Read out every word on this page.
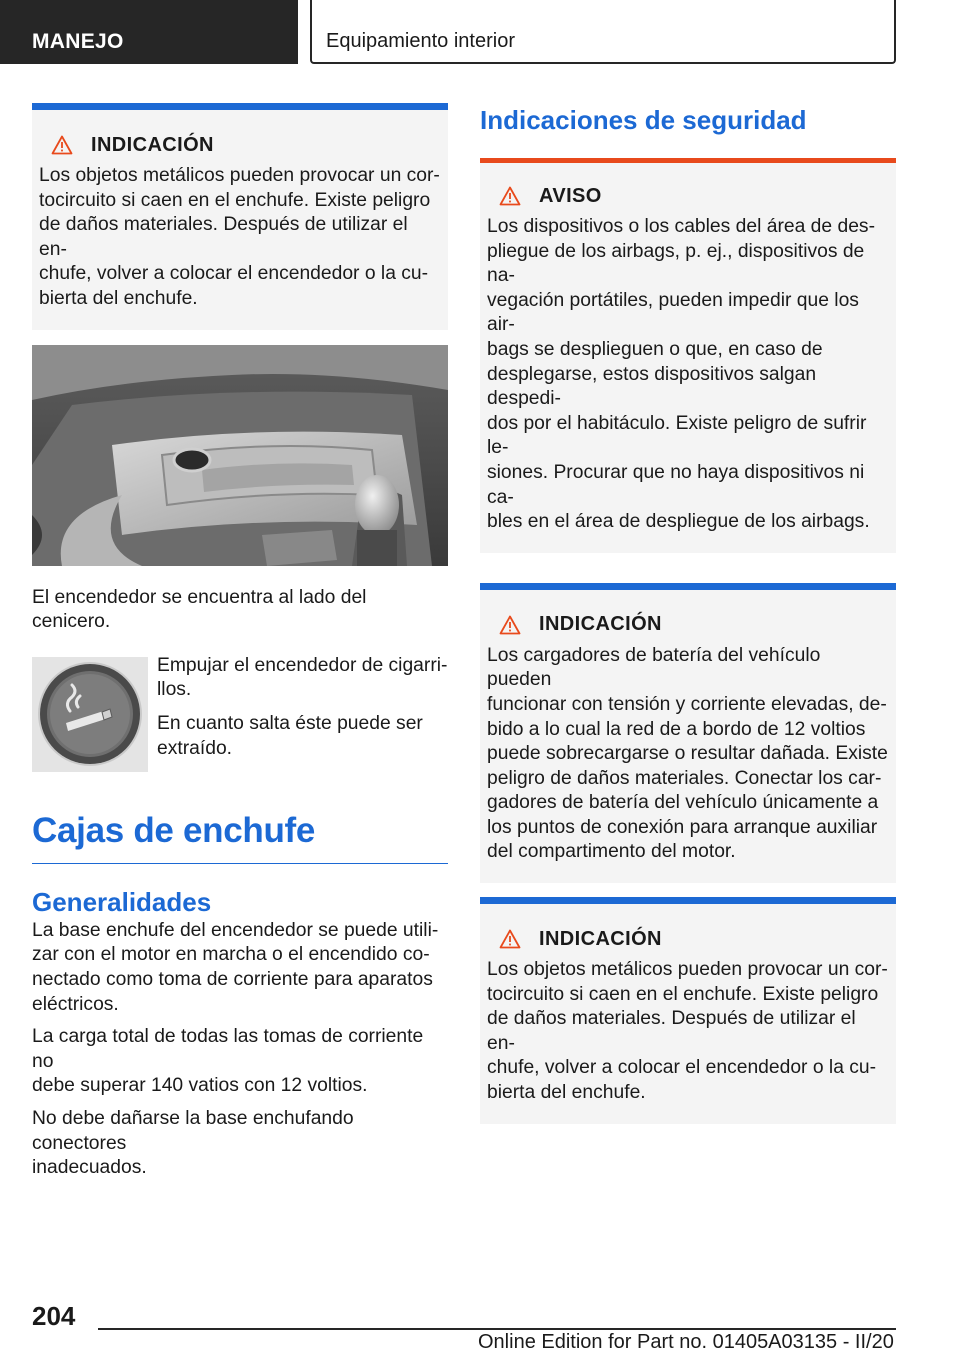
MANEJO	Equipamiento interior
INDICACIÓN
Los objetos metálicos pueden provocar un cor‐
tocircuito si caen en el enchufe. Existe peligro
de daños materiales. Después de utilizar el en‐
chufe, volver a colocar el encendedor o la cu‐
bierta del enchufe.

El encendedor se encuentra al lado del cenicero.

Empujar el encendedor de cigarri‐
llos.

En cuanto salta éste puede ser
extraído.

Cajas de enchufe
Generalidades

La base enchufe del encendedor se puede utili‐
zar con el motor en marcha o el encendido co‐
nectado como toma de corriente para aparatos
eléctricos.

La carga total de todas las tomas de corriente no
debe superar 140 vatios con 12 voltios.

No debe dañarse la base enchufando conectores
inadecuados.

Indicaciones de seguridad
AVISO
Los dispositivos o los cables del área de des‐
pliegue de los airbags, p. ej., dispositivos de na‐
vegación portátiles, pueden impedir que los air‐
bags se desplieguen o que, en caso de
desplegarse, estos dispositivos salgan despedi‐
dos por el habitáculo. Existe peligro de sufrir le‐
siones. Procurar que no haya dispositivos ni ca‐
bles en el área de despliegue de los airbags.
INDICACIÓN
Los cargadores de batería del vehículo pueden
funcionar con tensión y corriente elevadas, de‐
bido a lo cual la red de a bordo de 12 voltios
puede sobrecargarse o resultar dañada. Existe
peligro de daños materiales. Conectar los car‐
gadores de batería del vehículo únicamente a
los puntos de conexión para arranque auxiliar
del compartimento del motor.
INDICACIÓN
Los objetos metálicos pueden provocar un cor‐
tocircuito si caen en el enchufe. Existe peligro
de daños materiales. Después de utilizar el en‐
chufe, volver a colocar el encendedor o la cu‐
bierta del enchufe.
204
Online Edition for Part no. 01405A03135 - II/20
